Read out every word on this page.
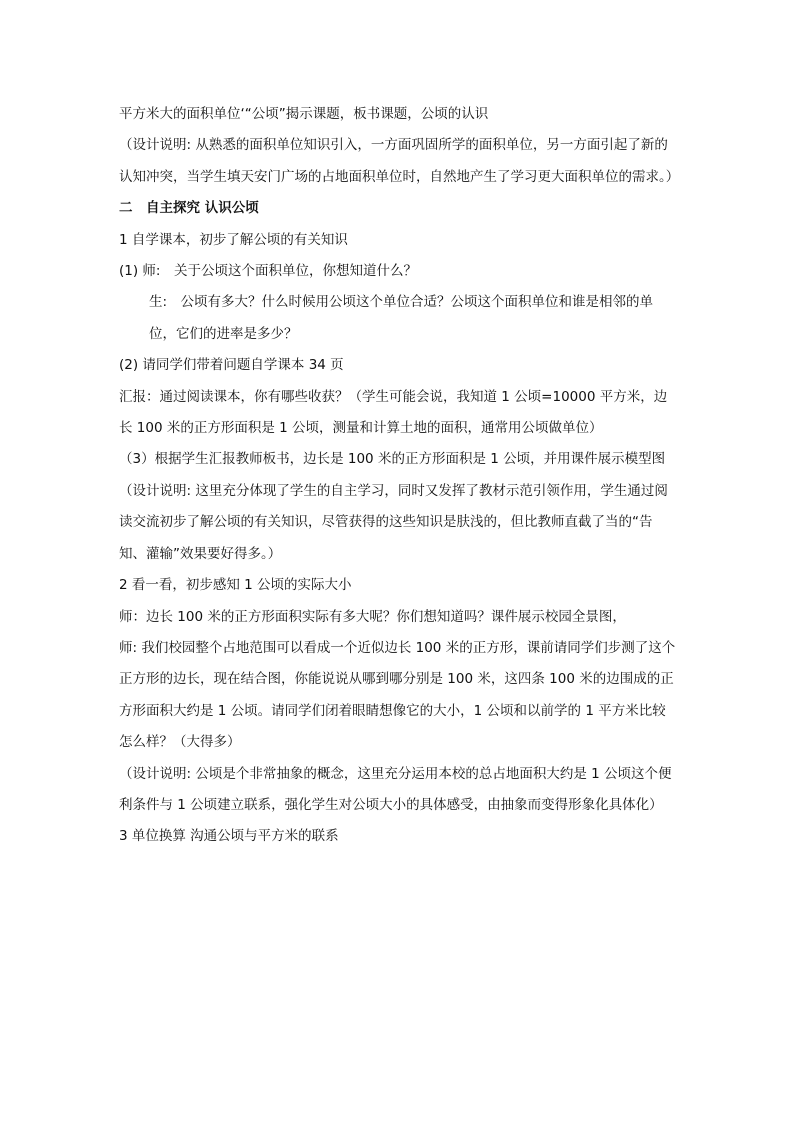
平方米大的面积单位‘“公顷”揭示课题，板书课题，公顷的认识

（设计说明: 从熟悉的面积单位知识引入，一方面巩固所学的面积单位，另一方面引起了新的认知冲突，当学生填天安门广场的占地面积单位时，自然地产生了学习更大面积单位的需求。）

二　自主探究 认识公顷

1 自学课本，初步了解公顷的有关知识

(1) 师:　关于公顷这个面积单位，你想知道什么？

生:　公顷有多大？什么时候用公顷这个单位合适？公顷这个面积单位和谁是相邻的单位，它们的进率是多少？

(2) 请同学们带着问题自学课本 34 页

汇报：通过阅读课本，你有哪些收获？（学生可能会说，我知道 1 公顷=10000 平方米，边长 100 米的正方形面积是 1 公顷，测量和计算土地的面积，通常用公顷做单位）

（3）根据学生汇报教师板书，边长是 100 米的正方形面积是 1 公顷，并用课件展示模型图

（设计说明: 这里充分体现了学生的自主学习，同时又发挥了教材示范引领作用，学生通过阅读交流初步了解公顷的有关知识，尽管获得的这些知识是肤浅的，但比教师直截了当的“告知、灌输”效果要好得多。）

2 看一看，初步感知 1 公顷的实际大小

师：边长 100 米的正方形面积实际有多大呢？你们想知道吗？课件展示校园全景图，

师: 我们校园整个占地范围可以看成一个近似边长 100 米的正方形，课前请同学们步测了这个正方形的边长，现在结合图，你能说说从哪到哪分别是 100 米，这四条 100 米的边围成的正方形面积大约是 1 公顷。请同学们闭着眼睛想像它的大小，1 公顷和以前学的 1 平方米比较怎么样？（大得多）

（设计说明: 公顷是个非常抽象的概念，这里充分运用本校的总占地面积大约是 1 公顷这个便利条件与 1 公顷建立联系，强化学生对公顷大小的具体感受，由抽象而变得形象化具体化）

3 单位换算 沟通公顷与平方米的联系
